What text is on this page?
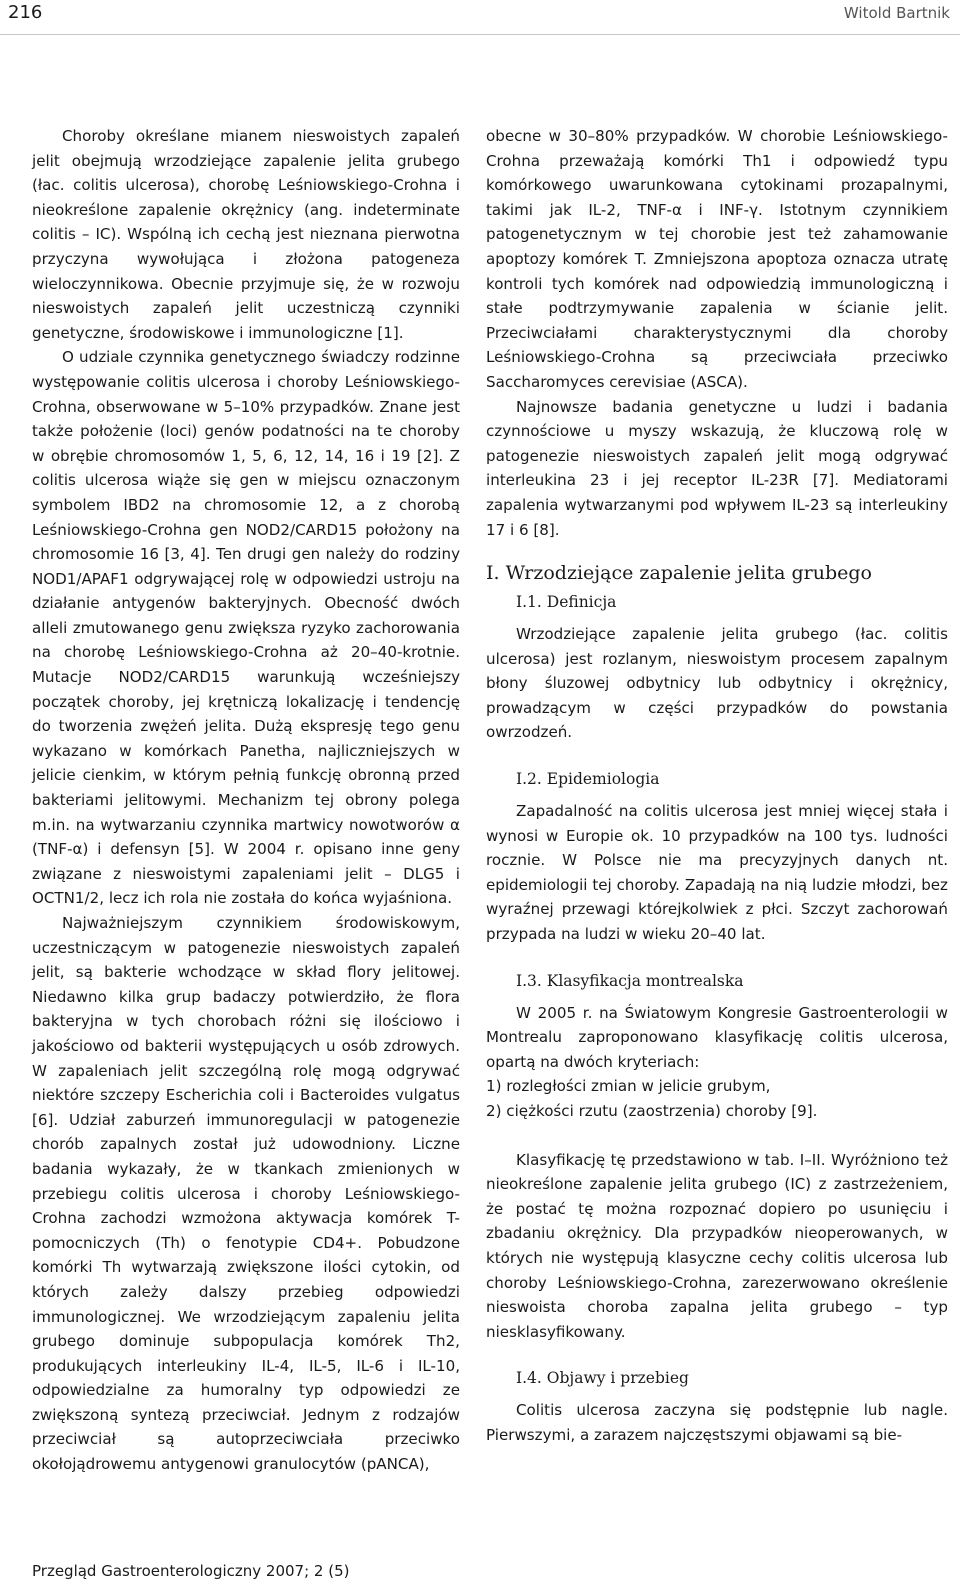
216	Witold Bartnik

Choroby określane mianem nieswoistych zapaleń jelit obejmują wrzodziejące zapalenie jelita grubego (łac. colitis ulcerosa), chorobę Leśniowskiego-Crohna i nieokreślone zapalenie okrężnicy (ang. indeterminate colitis – IC). Wspólną ich cechą jest nieznana pierwotna przyczyna wywołująca i złożona patogeneza wieloczynnikowa. Obecnie przyjmuje się, że w rozwoju nieswoistych zapaleń jelit uczestniczą czynniki genetyczne, środowiskowe i immunologiczne [1].

O udziale czynnika genetycznego świadczy rodzinne występowanie colitis ulcerosa i choroby Leśniowskiego-Crohna, obserwowane w 5–10% przypadków. Znane jest także położenie (loci) genów podatności na te choroby w obrębie chromosomów 1, 5, 6, 12, 14, 16 i 19 [2]. Z colitis ulcerosa wiąże się gen w miejscu oznaczonym symbolem IBD2 na chromosomie 12, a z chorobą Leśniowskiego-Crohna gen NOD2/CARD15 położony na chromosomie 16 [3, 4]. Ten drugi gen należy do rodziny NOD1/APAF1 odgrywającej rolę w odpowiedzi ustroju na działanie antygenów bakteryjnych. Obecność dwóch alleli zmutowanego genu zwiększa ryzyko zachorowania na chorobę Leśniowskiego-Crohna aż 20–40-krotnie. Mutacje NOD2/CARD15 warunkują wcześniejszy początek choroby, jej krętniczą lokalizację i tendencję do tworzenia zwężeń jelita. Dużą ekspresję tego genu wykazano w komórkach Panetha, najliczniejszych w jelicie cienkim, w którym pełnią funkcję obronną przed bakteriami jelitowymi. Mechanizm tej obrony polega m.in. na wytwarzaniu czynnika martwicy nowotworów α (TNF-α) i defensyn [5]. W 2004 r. opisano inne geny związane z nieswoistymi zapaleniami jelit – DLG5 i OCTN1/2, lecz ich rola nie została do końca wyjaśniona.

Najważniejszym czynnikiem środowiskowym, uczestniczącym w patogenezie nieswoistych zapaleń jelit, są bakterie wchodzące w skład flory jelitowej. Niedawno kilka grup badaczy potwierdziło, że flora bakteryjna w tych chorobach różni się ilościowo i jakościowo od bakterii występujących u osób zdrowych. W zapaleniach jelit szczególną rolę mogą odgrywać niektóre szczepy Escherichia coli i Bacteroides vulgatus [6]. Udział zaburzeń immunoregulacji w patogenezie chorób zapalnych został już udowodniony. Liczne badania wykazały, że w tkankach zmienionych w przebiegu colitis ulcerosa i choroby Leśniowskiego-Crohna zachodzi wzmożona aktywacja komórek T-pomocniczych (Th) o fenotypie CD4+. Pobudzone komórki Th wytwarzają zwiększone ilości cytokin, od których zależy dalszy przebieg odpowiedzi immunologicznej. We wrzodziejącym zapaleniu jelita grubego dominuje subpopulacja komórek Th2, produkujących interleukiny IL-4, IL-5, IL-6 i IL-10, odpowiedzialne za humoralny typ odpowiedzi ze zwiększoną syntezą przeciwciał. Jednym z rodzajów przeciwciał są autoprzeciwciała przeciwko okołojądrowemu antygenowi granulocytów (pANCA),

obecne w 30–80% przypadków. W chorobie Leśniowskiego-Crohna przeważają komórki Th1 i odpowiedź typu komórkowego uwarunkowana cytokinami prozapalnymi, takimi jak IL-2, TNF-α i INF-γ. Istotnym czynnikiem patogenetycznym w tej chorobie jest też zahamowanie apoptozy komórek T. Zmniejszona apoptoza oznacza utratę kontroli tych komórek nad odpowiedzią immunologiczną i stałe podtrzymywanie zapalenia w ścianie jelit. Przeciwciałami charakterystycznymi dla choroby Leśniowskiego-Crohna są przeciwciała przeciwko Saccharomyces cerevisiae (ASCA).

Najnowsze badania genetyczne u ludzi i badania czynnościowe u myszy wskazują, że kluczową rolę w patogenezie nieswoistych zapaleń jelit mogą odgrywać interleukina 23 i jej receptor IL-23R [7]. Mediatorami zapalenia wytwarzanymi pod wpływem IL-23 są interleukiny 17 i 6 [8].

I. Wrzodziejące zapalenie jelita grubego
I.1. Definicja

Wrzodziejące zapalenie jelita grubego (łac. colitis ulcerosa) jest rozlanym, nieswoistym procesem zapalnym błony śluzowej odbytnicy lub odbytnicy i okrężnicy, prowadzącym w części przypadków do powstania owrzodzeń.

I.2. Epidemiologia

Zapadalność na colitis ulcerosa jest mniej więcej stała i wynosi w Europie ok. 10 przypadków na 100 tys. ludności rocznie. W Polsce nie ma precyzyjnych danych nt. epidemiologii tej choroby. Zapadają na nią ludzie młodzi, bez wyraźnej przewagi którejkolwiek z płci. Szczyt zachorowań przypada na ludzi w wieku 20–40 lat.

I.3. Klasyfikacja montrealska

W 2005 r. na Światowym Kongresie Gastroenterologii w Montrealu zaproponowano klasyfikację colitis ulcerosa, opartą na dwóch kryteriach:

1) rozległości zmian w jelicie grubym,

2) ciężkości rzutu (zaostrzenia) choroby [9].

Klasyfikację tę przedstawiono w tab. I–II. Wyróżniono też nieokreślone zapalenie jelita grubego (IC) z zastrzeżeniem, że postać tę można rozpoznać dopiero po usunięciu i zbadaniu okrężnicy. Dla przypadków nieoperowanych, w których nie występują klasyczne cechy colitis ulcerosa lub choroby Leśniowskiego-Crohna, zarezerwowano określenie nieswoista choroba zapalna jelita grubego – typ niesklasyfikowany.

I.4. Objawy i przebieg

Colitis ulcerosa zaczyna się podstępnie lub nagle. Pierwszymi, a zarazem najczęstszymi objawami są bie-

Przegląd Gastroenterologiczny 2007; 2 (5)
